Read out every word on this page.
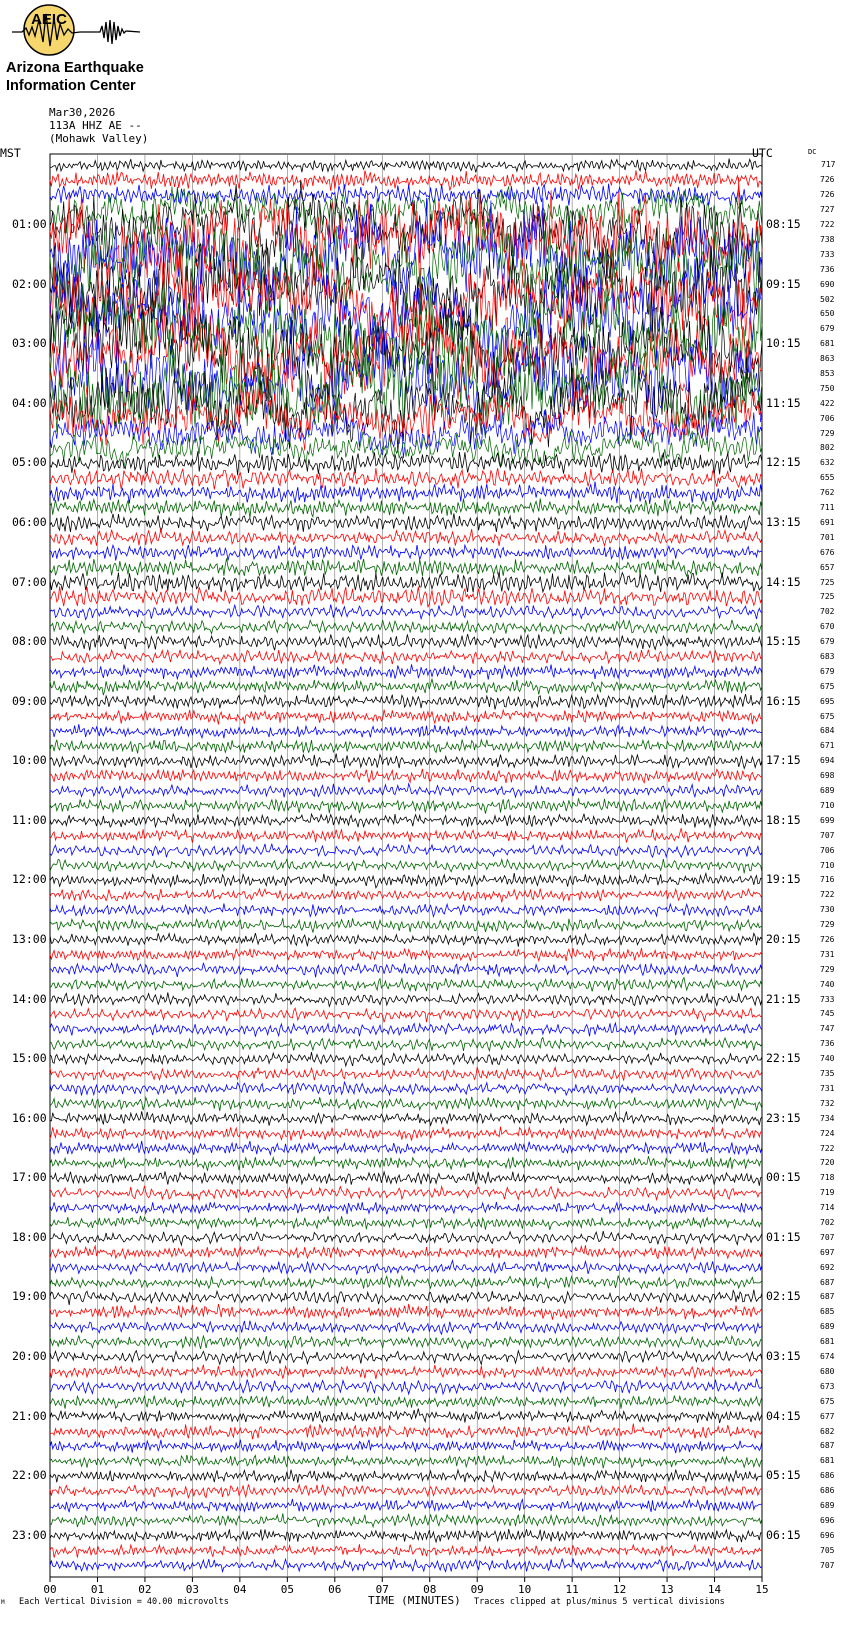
AEIC
Arizona Earthquake
Information Center
Mar30,2026
113A HHZ AE --
(Mohawk Valley)
MST	UTC	DC
00	01	02	03	04	05	06	07	08	09	10	11	12	13	14	15
01:00
02:00
03:00
04:00
05:00
06:00
07:00
08:00
09:00
10:00
11:00
12:00
13:00
14:00
15:00
16:00
17:00
18:00
19:00
20:00
21:00
22:00
23:00
08:15
09:15
10:15
11:15
12:15
13:15
14:15
15:15
16:15
17:15
18:15
19:15
20:15
21:15
22:15
23:15
00:15
01:15
02:15
03:15
04:15
05:15
06:15
717
726
726
727
722
738
733
736
690
502
650
679
681
863
853
750
422
706
729
802
632
655
762
711
691
701
676
657
725
725
702
670
679
683
679
675
695
675
684
671
694
698
689
710
699
707
706
710
716
722
730
729
726
731
729
740
733
745
747
736
740
735
731
732
734
724
722
720
718
719
714
702
707
697
692
687
687
685
689
681
674
680
673
675
677
682
687
681
686
686
689
696
696
705
707
TIME (MINUTES)
Each Vertical Division = 40.00 microvolts	Traces clipped at plus/minus 5 vertical divisions
M
